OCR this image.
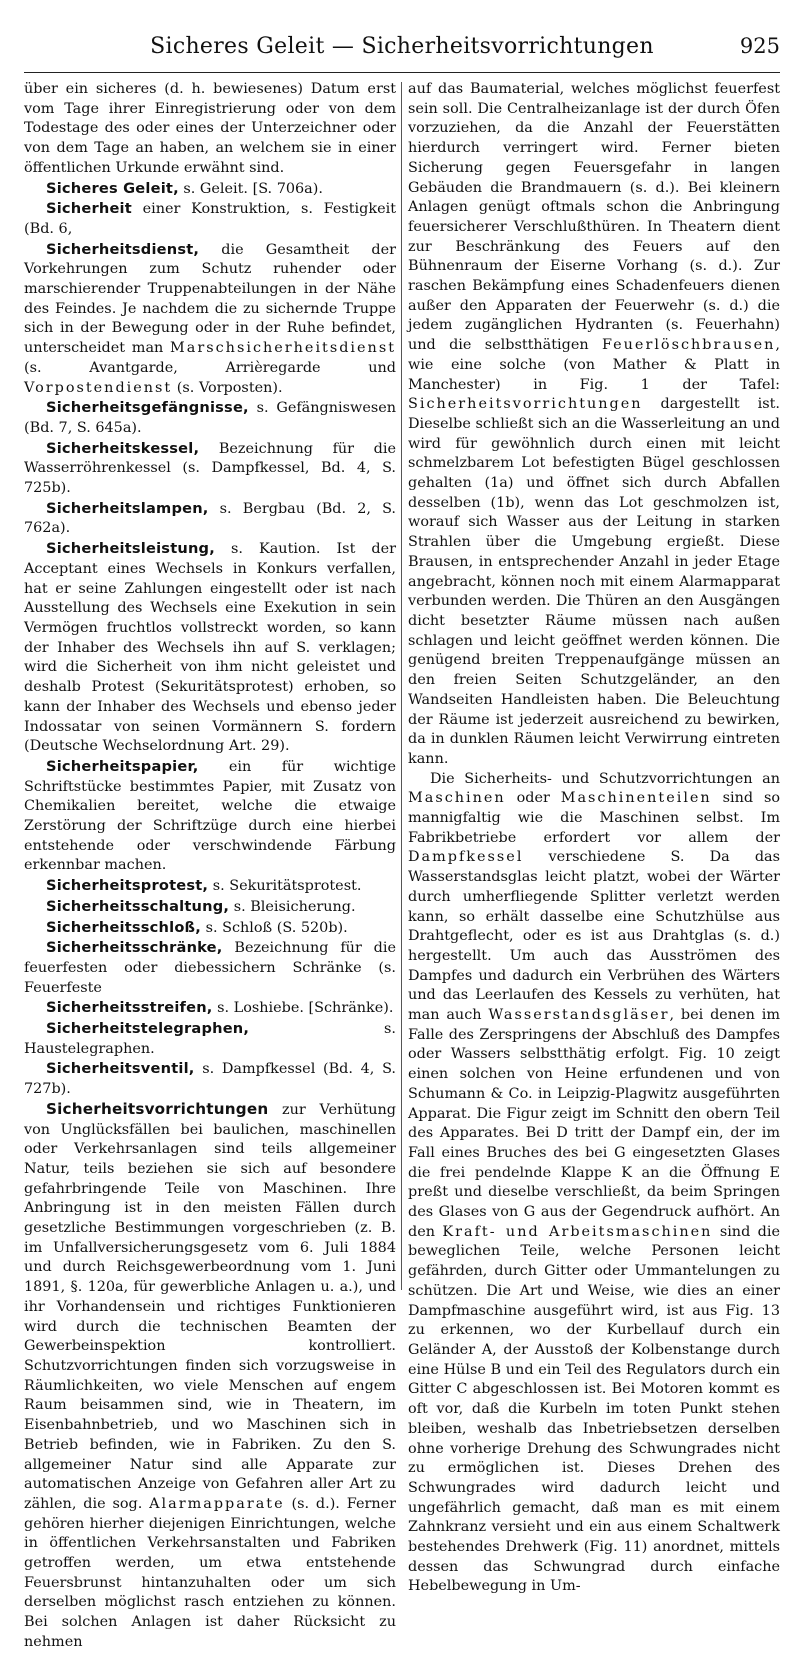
Sicheres Geleit — Sicherheitsvorrichtungen	925

über ein sicheres (d. h. bewiesenes) Datum erst vom Tage ihrer Einregistrierung oder von dem Todestage des oder eines der Unterzeichner oder von dem Tage an haben, an welchem sie in einer öffentlichen Urkunde erwähnt sind.

Sicheres Geleit, s. Geleit. [S. 706a).

Sicherheit einer Konstruktion, s. Festigkeit (Bd. 6,

Sicherheitsdienst, die Gesamtheit der Vorkehrungen zum Schutz ruhender oder marschierender Truppenabteilungen in der Nähe des Feindes. Je nachdem die zu sichernde Truppe sich in der Bewegung oder in der Ruhe befindet, unterscheidet man Marschsicherheitsdienst (s. Avantgarde, Arrièregarde und Vorpostendienst (s. Vorposten).

Sicherheitsgefängnisse, s. Gefängniswesen (Bd. 7, S. 645a).

Sicherheitskessel, Bezeichnung für die Wasserröhrenkessel (s. Dampfkessel, Bd. 4, S. 725b).

Sicherheitslampen, s. Bergbau (Bd. 2, S. 762a).

Sicherheitsleistung, s. Kaution. Ist der Acceptant eines Wechsels in Konkurs verfallen, hat er seine Zahlungen eingestellt oder ist nach Ausstellung des Wechsels eine Exekution in sein Vermögen fruchtlos vollstreckt worden, so kann der Inhaber des Wechsels ihn auf S. verklagen; wird die Sicherheit von ihm nicht geleistet und deshalb Protest (Sekuritätsprotest) erhoben, so kann der Inhaber des Wechsels und ebenso jeder Indossatar von seinen Vormännern S. fordern (Deutsche Wechselordnung Art. 29).

Sicherheitspapier, ein für wichtige Schriftstücke bestimmtes Papier, mit Zusatz von Chemikalien bereitet, welche die etwaige Zerstörung der Schriftzüge durch eine hierbei entstehende oder verschwindende Färbung erkennbar machen.

Sicherheitsprotest, s. Sekuritätsprotest.

Sicherheitsschaltung, s. Bleisicherung.

Sicherheitsschloß, s. Schloß (S. 520b).

Sicherheitsschränke, Bezeichnung für die feuerfesten oder diebessichern Schränke (s. Feuerfeste

Sicherheitsstreifen, s. Loshiebe. [Schränke).

Sicherheitstelegraphen, s. Haustelegraphen.

Sicherheitsventil, s. Dampfkessel (Bd. 4, S. 727b).

Sicherheitsvorrichtungen zur Verhütung von Unglücksfällen bei baulichen, maschinellen oder Verkehrsanlagen sind teils allgemeiner Natur, teils beziehen sie sich auf besondere gefahrbringende Teile von Maschinen. Ihre Anbringung ist in den meisten Fällen durch gesetzliche Bestimmungen vorgeschrieben (z. B. im Unfallversicherungsgesetz vom 6. Juli 1884 und durch Reichsgewerbeordnung vom 1. Juni 1891, §. 120a, für gewerbliche Anlagen u. a.), und ihr Vorhandensein und richtiges Funktionieren wird durch die technischen Beamten der Gewerbeinspektion kontrolliert. Schutzvorrichtungen finden sich vorzugsweise in Räumlichkeiten, wo viele Menschen auf engem Raum beisammen sind, wie in Theatern, im Eisenbahnbetrieb, und wo Maschinen sich in Betrieb befinden, wie in Fabriken. Zu den S. allgemeiner Natur sind alle Apparate zur automatischen Anzeige von Gefahren aller Art zu zählen, die sog. Alarmapparate (s. d.). Ferner gehören hierher diejenigen Einrichtungen, welche in öffentlichen Verkehrsanstalten und Fabriken getroffen werden, um etwa entstehende Feuersbrunst hintanzuhalten oder um sich derselben möglichst rasch entziehen zu können. Bei solchen Anlagen ist daher Rücksicht zu nehmen

auf das Baumaterial, welches möglichst feuerfest sein soll. Die Centralheizanlage ist der durch Öfen vorzuziehen, da die Anzahl der Feuerstätten hierdurch verringert wird. Ferner bieten Sicherung gegen Feuersgefahr in langen Gebäuden die Brandmauern (s. d.). Bei kleinern Anlagen genügt oftmals schon die Anbringung feuersicherer Verschlußthüren. In Theatern dient zur Beschränkung des Feuers auf den Bühnenraum der Eiserne Vorhang (s. d.). Zur raschen Bekämpfung eines Schadenfeuers dienen außer den Apparaten der Feuerwehr (s. d.) die jedem zugänglichen Hydranten (s. Feuerhahn) und die selbstthätigen Feuerlöschbrausen, wie eine solche (von Mather & Platt in Manchester) in Fig. 1 der Tafel: Sicherheitsvorrichtungen dargestellt ist. Dieselbe schließt sich an die Wasserleitung an und wird für gewöhnlich durch einen mit leicht schmelzbarem Lot befestigten Bügel geschlossen gehalten (1a) und öffnet sich durch Abfallen desselben (1b), wenn das Lot geschmolzen ist, worauf sich Wasser aus der Leitung in starken Strahlen über die Umgebung ergießt. Diese Brausen, in entsprechender Anzahl in jeder Etage angebracht, können noch mit einem Alarmapparat verbunden werden. Die Thüren an den Ausgängen dicht besetzter Räume müssen nach außen schlagen und leicht geöffnet werden können. Die genügend breiten Treppenaufgänge müssen an den freien Seiten Schutzgeländer, an den Wandseiten Handleisten haben. Die Beleuchtung der Räume ist jederzeit ausreichend zu bewirken, da in dunklen Räumen leicht Verwirrung eintreten kann.

Die Sicherheits- und Schutzvorrichtungen an Maschinen oder Maschinenteilen sind so mannigfaltig wie die Maschinen selbst. Im Fabrikbetriebe erfordert vor allem der Dampfkessel verschiedene S. Da das Wasserstandsglas leicht platzt, wobei der Wärter durch umherfliegende Splitter verletzt werden kann, so erhält dasselbe eine Schutzhülse aus Drahtgeflecht, oder es ist aus Drahtglas (s. d.) hergestellt. Um auch das Ausströmen des Dampfes und dadurch ein Verbrühen des Wärters und das Leerlaufen des Kessels zu verhüten, hat man auch Wasserstandsgläser, bei denen im Falle des Zerspringens der Abschluß des Dampfes oder Wassers selbstthätig erfolgt. Fig. 10 zeigt einen solchen von Heine erfundenen und von Schumann & Co. in Leipzig-Plagwitz ausgeführten Apparat. Die Figur zeigt im Schnitt den obern Teil des Apparates. Bei D tritt der Dampf ein, der im Fall eines Bruches des bei G eingesetzten Glases die frei pendelnde Klappe K an die Öffnung E preßt und dieselbe verschließt, da beim Springen des Glases von G aus der Gegendruck aufhört. An den Kraft- und Arbeitsmaschinen sind die beweglichen Teile, welche Personen leicht gefährden, durch Gitter oder Ummantelungen zu schützen. Die Art und Weise, wie dies an einer Dampfmaschine ausgeführt wird, ist aus Fig. 13 zu erkennen, wo der Kurbellauf durch ein Geländer A, der Ausstoß der Kolbenstange durch eine Hülse B und ein Teil des Regulators durch ein Gitter C abgeschlossen ist. Bei Motoren kommt es oft vor, daß die Kurbeln im toten Punkt stehen bleiben, weshalb das Inbetriebsetzen derselben ohne vorherige Drehung des Schwungrades nicht zu ermöglichen ist. Dieses Drehen des Schwungrades wird dadurch leicht und ungefährlich gemacht, daß man es mit einem Zahnkranz versieht und ein aus einem Schaltwerk bestehendes Drehwerk (Fig. 11) anordnet, mittels dessen das Schwungrad durch einfache Hebelbewegung in Um-
